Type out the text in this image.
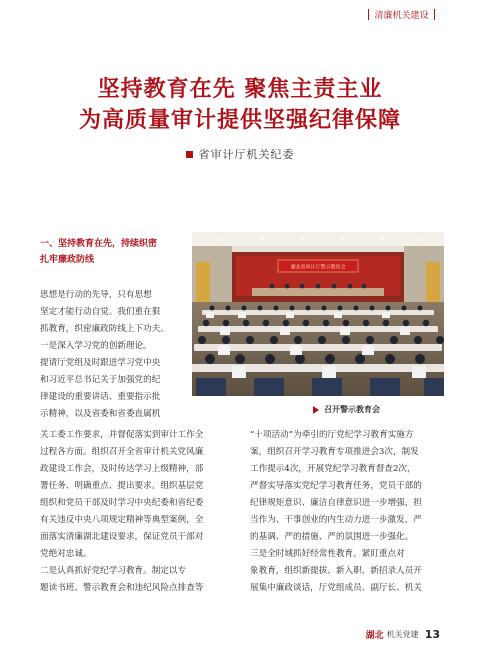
清廉机关建设
坚持教育在先 聚焦主责主业
为高质量审计提供坚强纪律保障
省审计厅机关纪委
一、坚持教育在先，持续织密
扎牢廉政防线
湖北省审计厅警示教育会
召开警示教育会
思想是行动的先导，只有思想
坚定才能行动自觉。我们重在狠
抓教育，织密廉政防线上下功夫。
一是深入学习党的创新理论。
提请厅党组及时跟进学习党中央
和习近平总书记关于加强党的纪
律建设的重要讲话、重要指示批
示精神，以及省委和省委直属机
关工委工作要求，并督促落实到审计工作全
过程各方面。组织召开全省审计机关党风廉
政建设工作会，及时传达学习上级精神，部
署任务、明确重点、提出要求。组织基层党
组织和党员干部及时学习中央纪委和省纪委
有关违反中央八项规定精神等典型案例，全
面落实清廉湖北建设要求，保证党员干部对
党绝对忠诚。
二是认真抓好党纪学习教育。制定以专
题读书班、警示教育会和违纪风险点排查等
“十项活动”为牵引的厅党纪学习教育实施方
案，组织召开学习教育专项推进会3次，制发
工作提示4次，开展党纪学习教育督查2次，
严督实导落实党纪学习教育任务，党员干部的
纪律规矩意识、廉洁自律意识进一步增强，担
当作为、干事创业的内生动力进一步激发，严
的基调、严的措施、严的氛围进一步强化。
三是全时域抓好经常性教育。紧盯重点对
象教育，组织新提拔、新入职、新招录人员开
展集中廉政谈话，厅党组成员、副厅长、机关
湖北 机关党建 13
